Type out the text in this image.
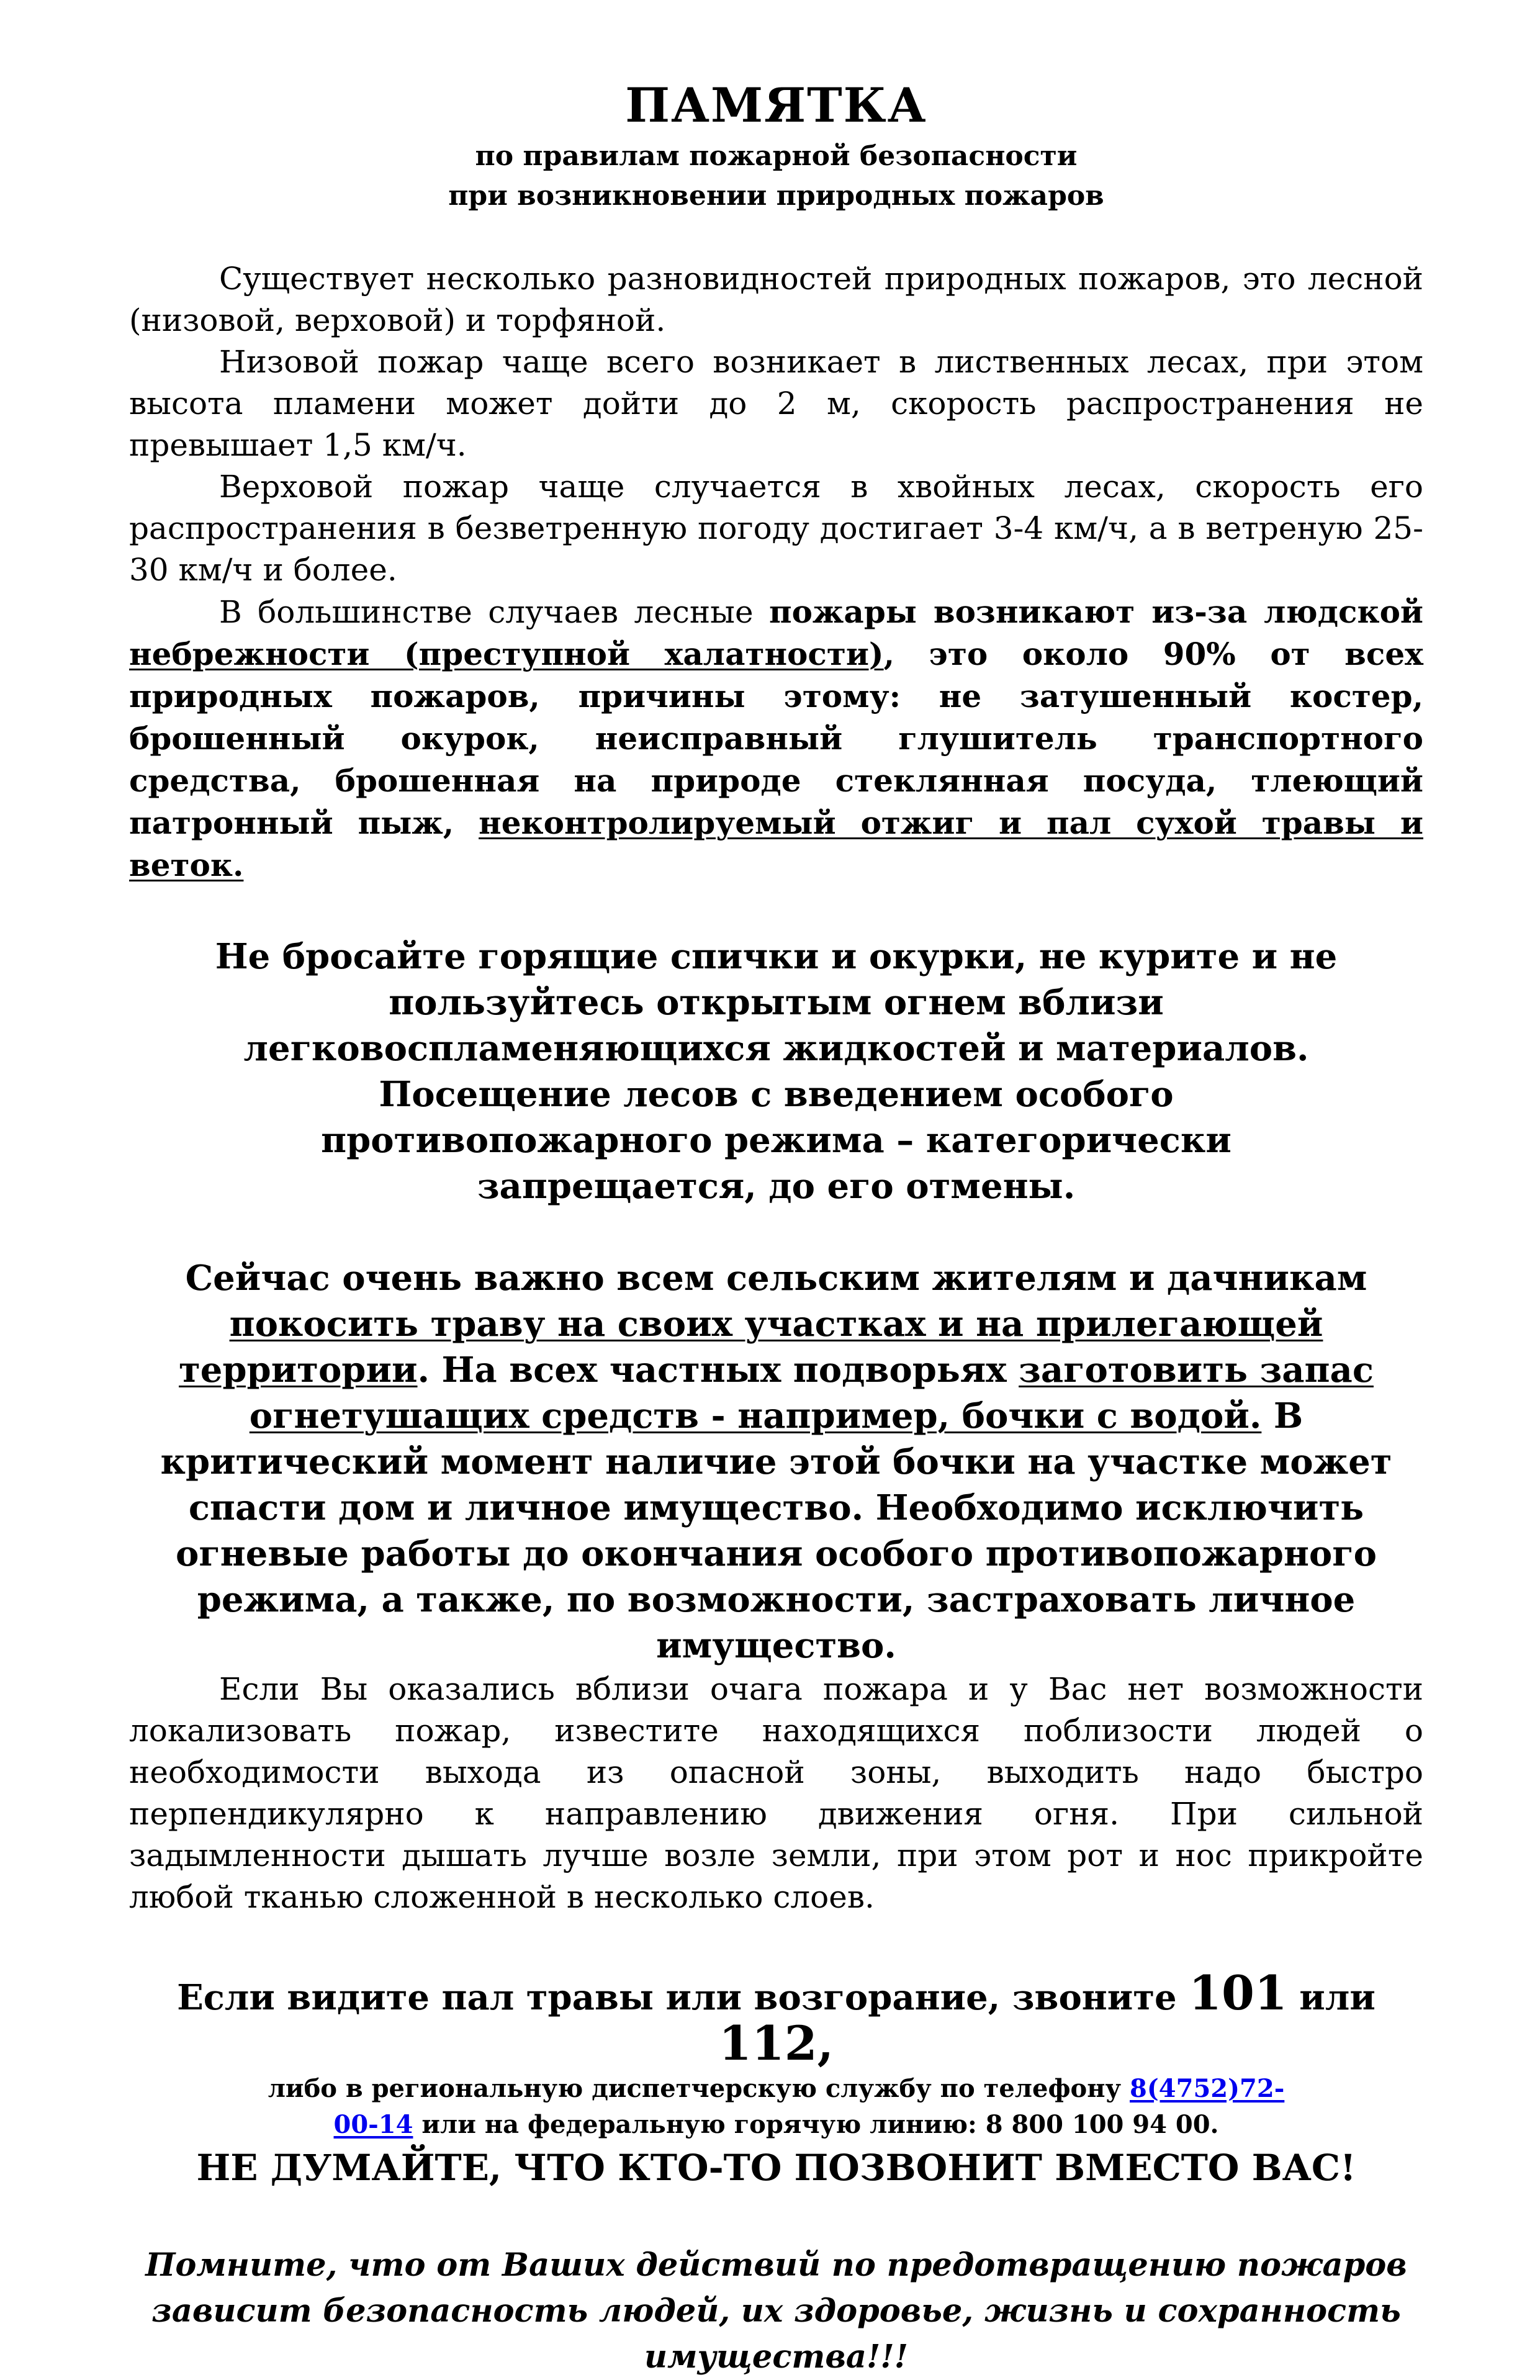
ПАМЯТКА

по правилам пожарной безопасности

при возникновении природных пожаров

Существует несколько разновидностей природных пожаров, это лесной (низовой, верховой) и торфяной.

Низовой пожар чаще всего возникает в лиственных лесах, при этом высота пламени может дойти до 2 м, скорость распространения не превышает 1,5 км/ч.

Верховой пожар чаще случается в хвойных лесах, скорость его распространения в безветренную погоду достигает 3-4 км/ч, а в ветреную 25-30 км/ч и более.

В большинстве случаев лесные пожары возникают из-за людской небрежности (преступной халатности), это около 90% от всех природных пожаров, причины этому: не затушенный костер, брошенный окурок, неисправный глушитель транспортного средства, брошенная на природе стеклянная посуда, тлеющий патронный пыж, неконтролируемый отжиг и пал сухой травы и веток.

Не бросайте горящие спички и окурки, не курите и не пользуйтесь открытым огнем вблизи легковоспламеняющихся жидкостей и материалов.

Посещение лесов с введением особого противопожарного режима – категорически запрещается, до его отмены.

Сейчас очень важно всем сельским жителям и дачникам покосить траву на своих участках и на прилегающей территории. На всех частных подворьях заготовить запас огнетушащих средств - например, бочки с водой. В критический момент наличие этой бочки на участке может спасти дом и личное имущество. Необходимо исключить огневые работы до окончания особого противопожарного режима, а также, по возможности, застраховать личное имущество.

Если Вы оказались вблизи очага пожара и у Вас нет возможности локализовать пожар, известите находящихся поблизости людей о необходимости выхода из опасной зоны, выходить надо быстро перпендикулярно к направлению движения огня. При сильной задымленности дышать лучше возле земли, при этом рот и нос прикройте любой тканью сложенной в несколько слоев.

Если видите пал травы или возгорание, звоните 101 или 112,

либо в региональную диспетчерскую службу по телефону 8(4752)72-00-14 или на федеральную горячую линию: 8 800 100 94 00.

НЕ ДУМАЙТЕ, ЧТО КТО-ТО ПОЗВОНИТ ВМЕСТО ВАС!

Помните, что от Ваших действий по предотвращению пожаров зависит безопасность людей, их здоровье, жизнь и сохранность имущества!!!
